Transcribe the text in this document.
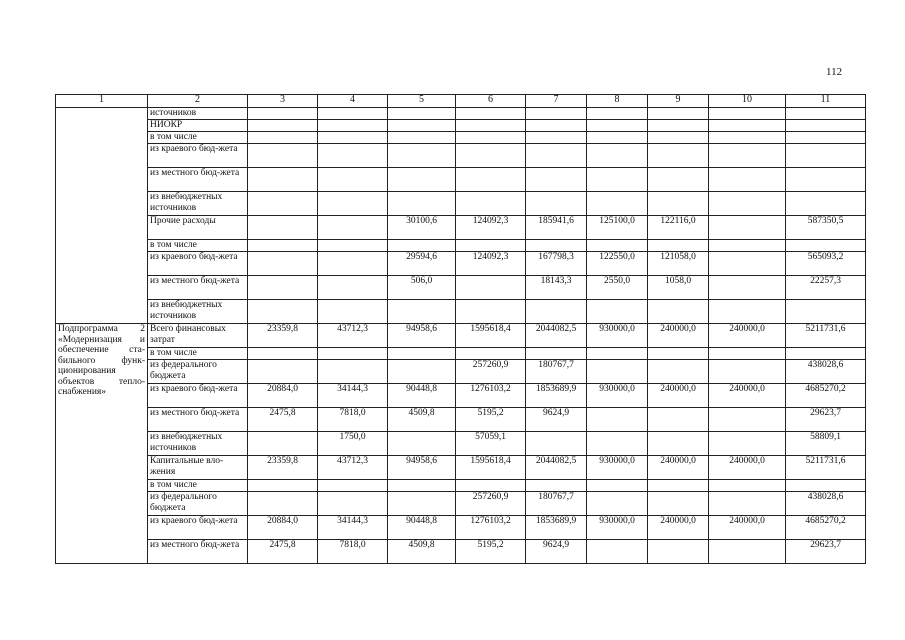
112
1	2	3	4	5	6	7	8	9	10	11
	источников									
	НИОКР									
	в том числе									
	из краевого бюд-жета									
	из местного бюд-жета									
	из внебюджетных источников									
	Прочие расходы			30100,6	124092,3	185941,6	125100,0	122116,0		587350,5
	в том числе									
	из краевого бюд-жета			29594,6	124092,3	167798,3	122550,0	121058,0		565093,2
	из местного бюд-жета			506,0		18143,3	2550,0	1058,0		22257,3
	из внебюджетных источников									
Подпрограмма 2 «Модернизация и обеспечение ста-бильного функ-ционирования объектов тепло-снабжения»	Всего финансовых затрат	23359,8	43712,3	94958,6	1595618,4	2044082,5	930000,0	240000,0	240000,0	5211731,6
	в том числе									
	из федерального бюджета				257260,9	180767,7				438028,6
	из краевого бюд-жета	20884,0	34144,3	90448,8	1276103,2	1853689,9	930000,0	240000,0	240000,0	4685270,2
	из местного бюд-жета	2475,8	7818,0	4509,8	5195,2	9624,9				29623,7
	из внебюджетных источников		1750,0		57059,1					58809,1
	Капитальные вло-жения	23359,8	43712,3	94958,6	1595618,4	2044082,5	930000,0	240000,0	240000,0	5211731,6
	в том числе									
	из федерального бюджета				257260,9	180767,7				438028,6
	из краевого бюд-жета	20884,0	34144,3	90448,8	1276103,2	1853689,9	930000,0	240000,0	240000,0	4685270,2
	из местного бюд-жета	2475,8	7818,0	4509,8	5195,2	9624,9				29623,7
